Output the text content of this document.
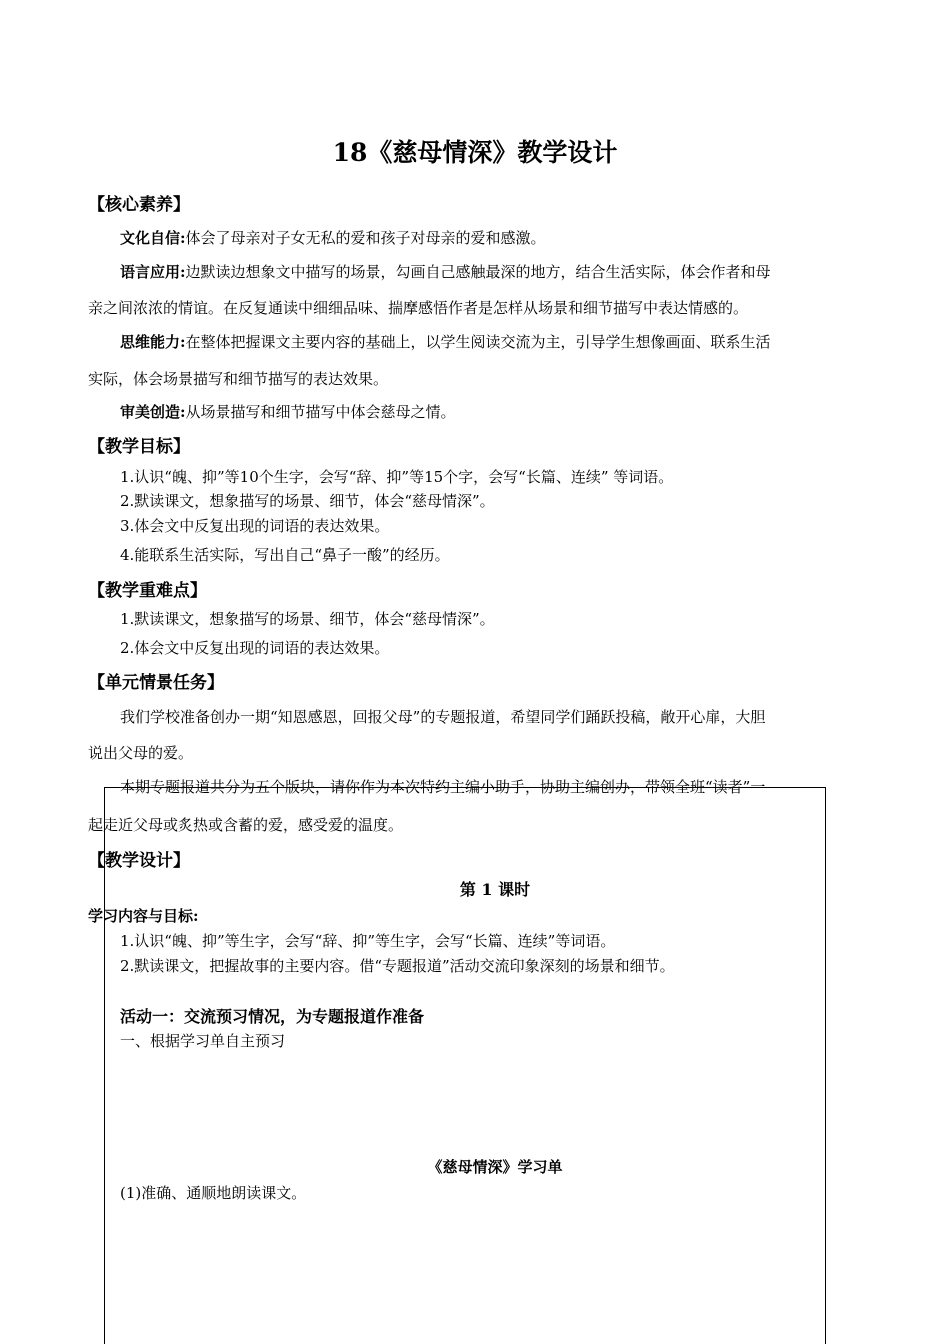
18《慈母情深》教学设计
【核心素养】
文化自信:体会了母亲对子女无私的爱和孩子对母亲的爱和感激。
语言应用:边默读边想象文中描写的场景，勾画自己感触最深的地方，结合生活实际，体会作者和母
亲之间浓浓的情谊。在反复通读中细细品味、揣摩感悟作者是怎样从场景和细节描写中表达情感的。
思维能力:在整体把握课文主要内容的基础上，以学生阅读交流为主，引导学生想像画面、联系生活
实际，体会场景描写和细节描写的表达效果。
审美创造:从场景描写和细节描写中体会慈母之情。
【教学目标】
1.认识“魄、抑”等10个生字，会写“辞、抑”等15个字，会写“长篇、连续” 等词语。
2.默读课文，想象描写的场景、细节，体会“慈母情深”。
3.体会文中反复出现的词语的表达效果。
4.能联系生活实际，写出自己“鼻子一酸”的经历。
【教学重难点】
1.默读课文，想象描写的场景、细节，体会“慈母情深”。
2.体会文中反复出现的词语的表达效果。
【单元情景任务】
我们学校准备创办一期“知恩感恩，回报父母”的专题报道，希望同学们踊跃投稿，敞开心扉，大胆
说出父母的爱。
本期专题报道共分为五个版块，请你作为本次特约主编小助手，协助主编创办，带领全班“读者”一
起走近父母或炙热或含蓄的爱，感受爱的温度。
【教学设计】
第 1 课时
学习内容与目标:
1.认识“魄、抑”等生字，会写“辞、抑”等生字，会写“长篇、连续”等词语。
2.默读课文，把握故事的主要内容。借“专题报道”活动交流印象深刻的场景和细节。
活动一：交流预习情况，为专题报道作准备
一、根据学习单自主预习
《慈母情深》学习单
(1)准确、通顺地朗读课文。
